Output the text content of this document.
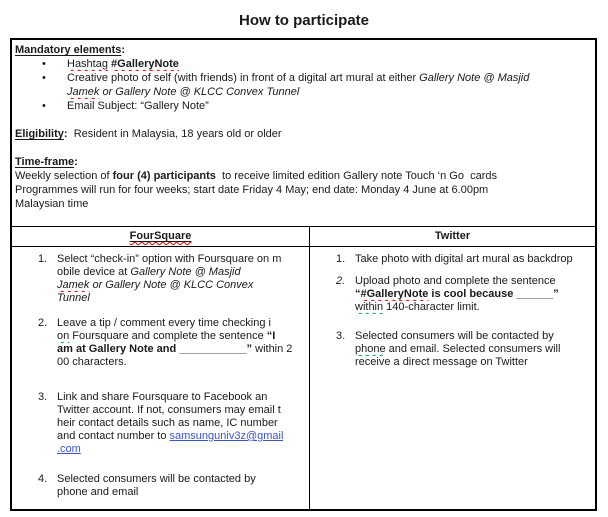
How to participate
Mandatory elements:
• Hashtag #GalleryNote
• Creative photo of self (with friends) in front of a digital art mural at either Gallery Note @ Masjid
Jamek or Gallery Note @ KLCC Convex Tunnel
• Email Subject: “Gallery Note”
Eligibility:  Resident in Malaysia, 18 years old or older
Time-frame:
Weekly selection of four (4) participants  to receive limited edition Gallery note Touch ‘n Go  cards
Programmes will run for four weeks; start date Friday 4 May; end date: Monday 4 June at 6.00pm
Malaysian time
FourSquare	Twitter
1. Select “check-in” option with Foursquare on m
obile device at Gallery Note @ Masjid
Jamek or Gallery Note @ KLCC Convex
Tunnel
2. Leave a tip / comment every time checking i
on Foursquare and complete the sentence “I
am at Gallery Note and ___________” within 2
00 characters.
3. Link and share Foursquare to Facebook an
Twitter account. If not, consumers may email t
heir contact details such as name, IC number
and contact number to samsunguniv3z@gmail
.com
4. Selected consumers will be contacted by
phone and email
1. Take photo with digital art mural as backdrop
2. Upload photo and complete the sentence
“#GalleryNote is cool because ______”
within 140-character limit.
3. Selected consumers will be contacted by
phone and email. Selected consumers will
receive a direct message on Twitter
